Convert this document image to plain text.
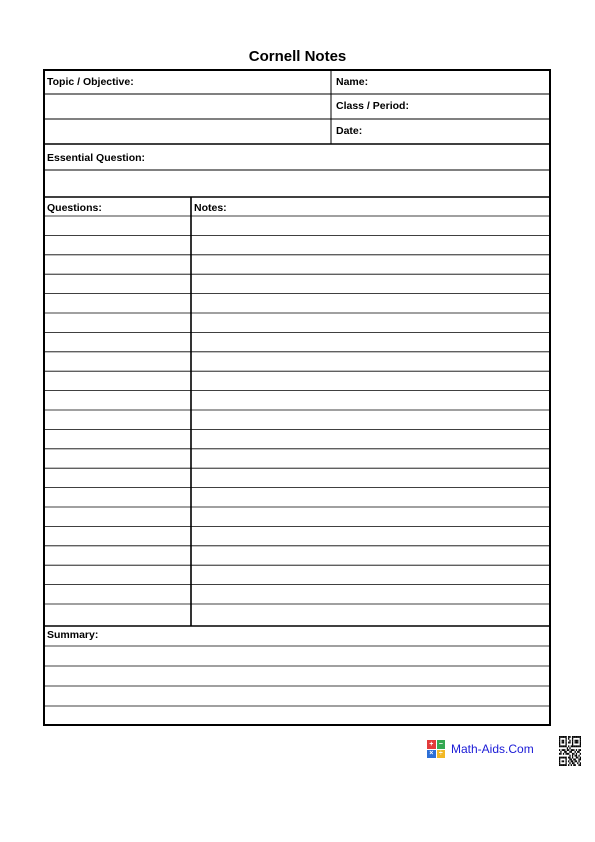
Cornell Notes
Topic / Objective:	Name:
Class / Period:
Date:
Essential Question:
Questions:	Notes:
Summary:
+ −
× ÷ Math-Aids.Com
